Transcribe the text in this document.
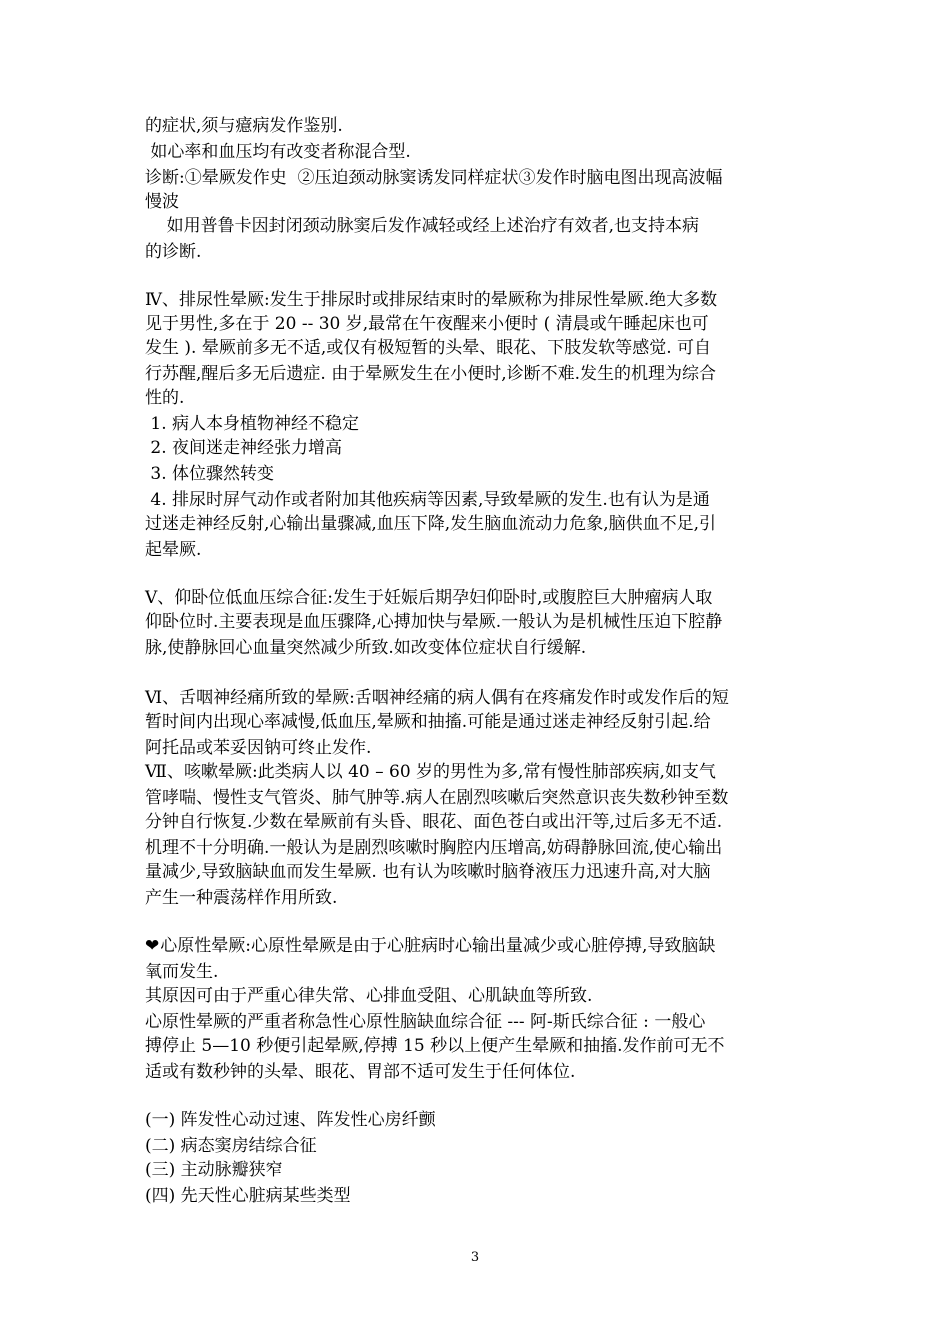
的症状,须与癔病发作鉴别.
如心率和血压均有改变者称混合型.
诊断:①晕厥发作史  ②压迫颈动脉窦诱发同样症状③发作时脑电图出现高波幅
慢波
如用普鲁卡因封闭颈动脉窦后发作减轻或经上述治疗有效者,也支持本病
的诊断.
Ⅳ、排尿性晕厥:发生于排尿时或排尿结束时的晕厥称为排尿性晕厥.绝大多数
见于男性,多在于 20 -- 30 岁,最常在午夜醒来小便时 ( 清晨或午睡起床也可
发生 ). 晕厥前多无不适,或仅有极短暂的头晕、眼花、下肢发软等感觉. 可自
行苏醒,醒后多无后遗症. 由于晕厥发生在小便时,诊断不难.发生的机理为综合
性的.
1. 病人本身植物神经不稳定
2. 夜间迷走神经张力增高
3. 体位骤然转变
4. 排尿时屏气动作或者附加其他疾病等因素,导致晕厥的发生.也有认为是通
过迷走神经反射,心输出量骤减,血压下降,发生脑血流动力危象,脑供血不足,引
起晕厥.
Ⅴ、仰卧位低血压综合征:发生于妊娠后期孕妇仰卧时,或腹腔巨大肿瘤病人取
仰卧位时.主要表现是血压骤降,心搏加快与晕厥.一般认为是机械性压迫下腔静
脉,使静脉回心血量突然减少所致.如改变体位症状自行缓解.
Ⅵ、舌咽神经痛所致的晕厥:舌咽神经痛的病人偶有在疼痛发作时或发作后的短
暂时间内出现心率减慢,低血压,晕厥和抽搐.可能是通过迷走神经反射引起.给
阿托品或苯妥因钠可终止发作.
Ⅶ、咳嗽晕厥:此类病人以 40 – 60 岁的男性为多,常有慢性肺部疾病,如支气
管哮喘、慢性支气管炎、肺气肿等.病人在剧烈咳嗽后突然意识丧失数秒钟至数
分钟自行恢复.少数在晕厥前有头昏、眼花、面色苍白或出汗等,过后多无不适.
机理不十分明确.一般认为是剧烈咳嗽时胸腔内压增高,妨碍静脉回流,使心输出
量减少,导致脑缺血而发生晕厥. 也有认为咳嗽时脑脊液压力迅速升高,对大脑
产生一种震荡样作用所致.
❤心原性晕厥:心原性晕厥是由于心脏病时心输出量减少或心脏停搏,导致脑缺
氧而发生.
其原因可由于严重心律失常、心排血受阻、心肌缺血等所致.
心原性晕厥的严重者称急性心原性脑缺血综合征 --- 阿-斯氏综合征 : 一般心
搏停止 5—10 秒便引起晕厥,停搏 15 秒以上便产生晕厥和抽搐.发作前可无不
适或有数秒钟的头晕、眼花、胃部不适可发生于任何体位.
(一) 阵发性心动过速、阵发性心房纤颤
(二) 病态窦房结综合征
(三) 主动脉瓣狭窄
(四) 先天性心脏病某些类型
3
